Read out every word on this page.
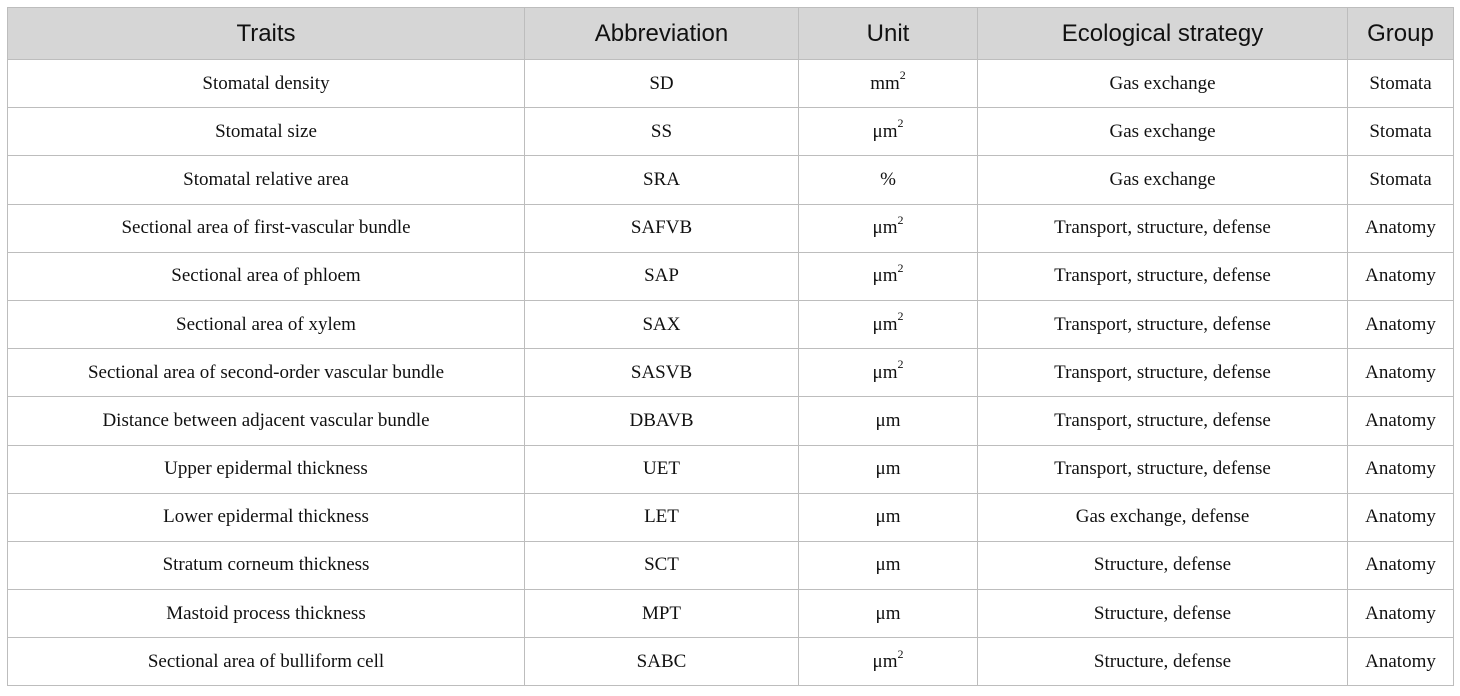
Traits	Abbreviation	Unit	Ecological strategy	Group
Stomatal density	SD	$mm^2$	Gas exchange	Stomata
Stomatal size	SS	$\mu m^2$	Gas exchange	Stomata
Stomatal relative area	SRA	%	Gas exchange	Stomata
Sectional area of first-vascular bundle	SAFVB	$\mu m^2$	Transport, structure, defense	Anatomy
Sectional area of phloem	SAP	$\mu m^2$	Transport, structure, defense	Anatomy
Sectional area of xylem	SAX	$\mu m^2$	Transport, structure, defense	Anatomy
Sectional area of second-order vascular bundle	SASVB	$\mu m^2$	Transport, structure, defense	Anatomy
Distance between adjacent vascular bundle	DBAVB	μm	Transport, structure, defense	Anatomy
Upper epidermal thickness	UET	μm	Transport, structure, defense	Anatomy
Lower epidermal thickness	LET	μm	Gas exchange, defense	Anatomy
Stratum corneum thickness	SCT	μm	Structure, defense	Anatomy
Mastoid process thickness	MPT	μm	Structure, defense	Anatomy
Sectional area of bulliform cell	SABC	$\mu m^2$	Structure, defense	Anatomy
